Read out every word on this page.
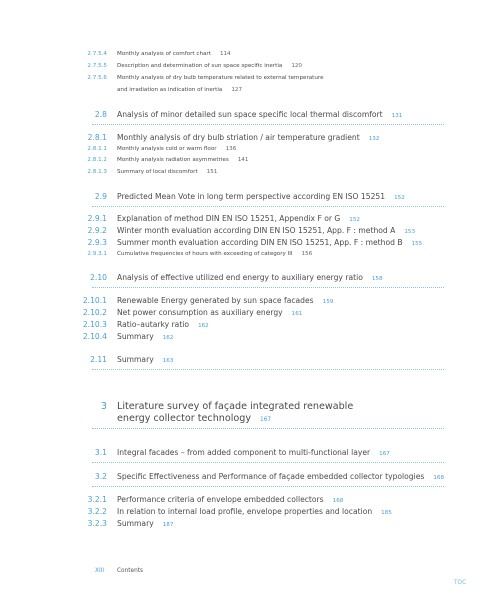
2.7.5.4 Monthly analysis of comfort chart 114
2.7.5.5 Description and determination of sun space specific inertia 120
2.7.5.6 Monthly analysis of dry bulb temperature related to external temperature
and irradiation as indication of inertia 127
2.8 Analysis of minor detailed sun space specific local thermal discomfort 131
2.8.1 Monthly analysis of dry bulb striation / air temperature gradient 132
2.8.1.1 Monthly analysis cold or warm floor 136
2.8.1.2 Monthly analysis radiation asymmetries 141
2.8.1.3 Summary of local discomfort 151
2.9 Predicted Mean Vote in long term perspective according EN ISO 15251 152
2.9.1 Explanation of method DIN EN ISO 15251, Appendix F or G 152
2.9.2 Winter month evaluation according DIN EN ISO 15251, App. F : method A 153
2.9.3 Summer month evaluation according DIN EN ISO 15251, App. F : method B 155
2.9.3.1 Cumulative frequencies of hours with exceeding of category III 156
2.10 Analysis of effective utilized end energy to auxiliary energy ratio 158
2.10.1 Renewable Energy generated by sun space facades 159
2.10.2 Net power consumption as auxiliary energy 161
2.10.3 Ratio–autarky ratio 162
2.10.4 Summary 162
2.11 Summary 163
3 Literature survey of façade integrated renewable
energy collector technology 167
3.1 Integral facades – from added component to multi-functional layer 167
3.2 Specific Effectiveness and Performance of façade embedded collector typologies 168
3.2.1 Performance criteria of envelope embedded collectors 168
3.2.2 In relation to internal load profile, envelope properties and location 185
3.2.3 Summary 187
XIII Contents
TOC
